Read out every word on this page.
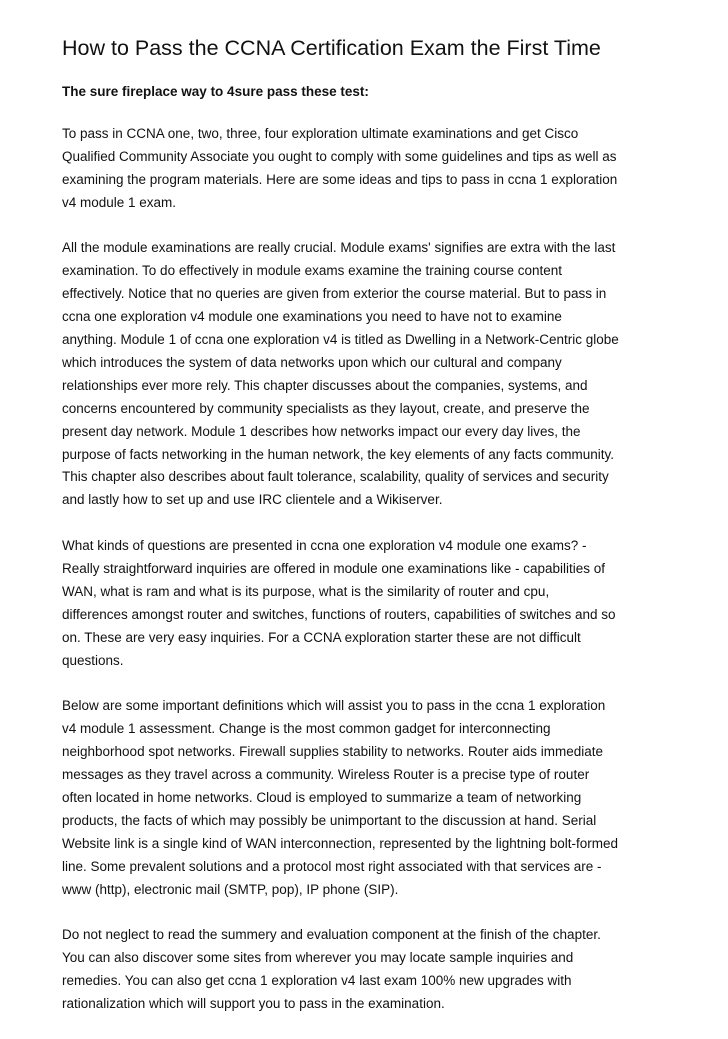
How to Pass the CCNA Certification Exam the First Time
The sure fireplace way to 4sure pass these test:
To pass in CCNA one, two, three, four exploration ultimate examinations and get Cisco
Qualified Community Associate you ought to comply with some guidelines and tips as well as
examining the program materials. Here are some ideas and tips to pass in ccna 1 exploration
v4 module 1 exam.
All the module examinations are really crucial. Module exams' signifies are extra with the last
examination. To do effectively in module exams examine the training course content
effectively. Notice that no queries are given from exterior the course material. But to pass in
ccna one exploration v4 module one examinations you need to have not to examine
anything. Module 1 of ccna one exploration v4 is titled as Dwelling in a Network-Centric globe
which introduces the system of data networks upon which our cultural and company
relationships ever more rely. This chapter discusses about the companies, systems, and
concerns encountered by community specialists as they layout, create, and preserve the
present day network. Module 1 describes how networks impact our every day lives, the
purpose of facts networking in the human network, the key elements of any facts community.
This chapter also describes about fault tolerance, scalability, quality of services and security
and lastly how to set up and use IRC clientele and a Wikiserver.
What kinds of questions are presented in ccna one exploration v4 module one exams? -
Really straightforward inquiries are offered in module one examinations like - capabilities of
WAN, what is ram and what is its purpose, what is the similarity of router and cpu,
differences amongst router and switches, functions of routers, capabilities of switches and so
on. These are very easy inquiries. For a CCNA exploration starter these are not difficult
questions.
Below are some important definitions which will assist you to pass in the ccna 1 exploration
v4 module 1 assessment. Change is the most common gadget for interconnecting
neighborhood spot networks. Firewall supplies stability to networks. Router aids immediate
messages as they travel across a community. Wireless Router is a precise type of router
often located in home networks. Cloud is employed to summarize a team of networking
products, the facts of which may possibly be unimportant to the discussion at hand. Serial
Website link is a single kind of WAN interconnection, represented by the lightning bolt-formed
line. Some prevalent solutions and a protocol most right associated with that services are -
www (http), electronic mail (SMTP, pop), IP phone (SIP).
Do not neglect to read the summery and evaluation component at the finish of the chapter.
You can also discover some sites from wherever you may locate sample inquiries and
remedies. You can also get ccna 1 exploration v4 last exam 100% new upgrades with
rationalization which will support you to pass in the examination.
